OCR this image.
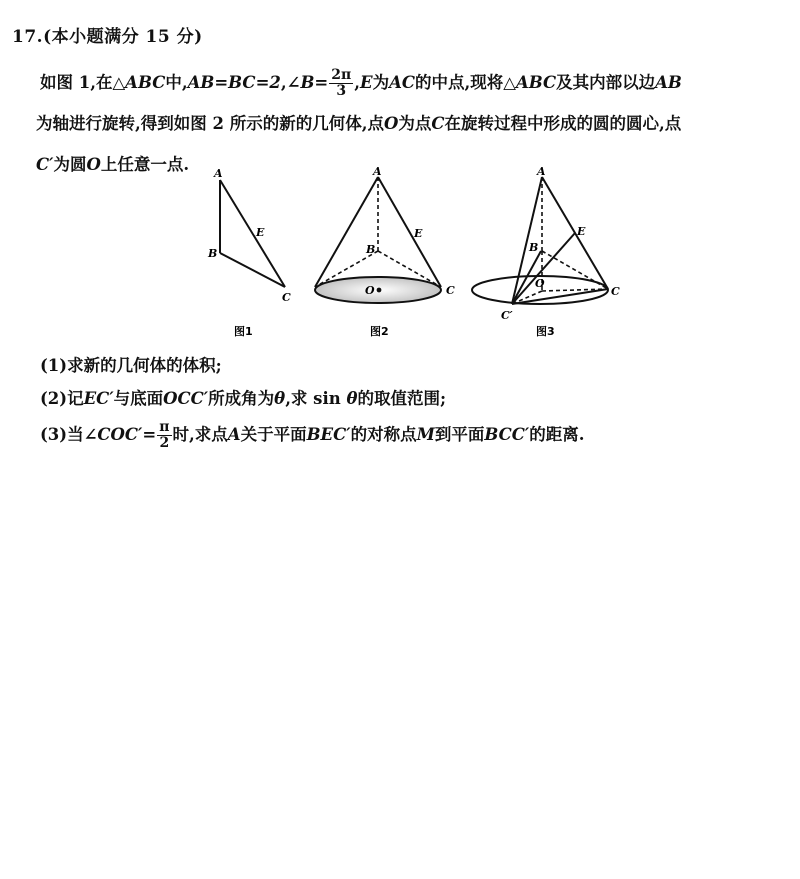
17.(本小题满分 15 分)
如图 1,在△ABC中,AB=BC=2,∠B= $\frac{2\pi}{3} ,E$为AC的中点,现将△ABC及其内部以边AB
为轴进行旋转,得到如图 2 所示的新的几何体,点O为点C在旋转过程中形成的圆的圆心,点
C′为圆O上任意一点.	A
E
B
C
图1
A
E
B
O	C
图2
A
E
B
O
C
C′
图3
(1)求新的几何体的体积;
(2)记EC′与底面OCC′所成角为θ,求 sin θ的取值范围;
(3)当∠COC′= $\frac{\pi}{2}$ 时,求点A关于平面BEC′的对称点M到平面BCC′的距离.
